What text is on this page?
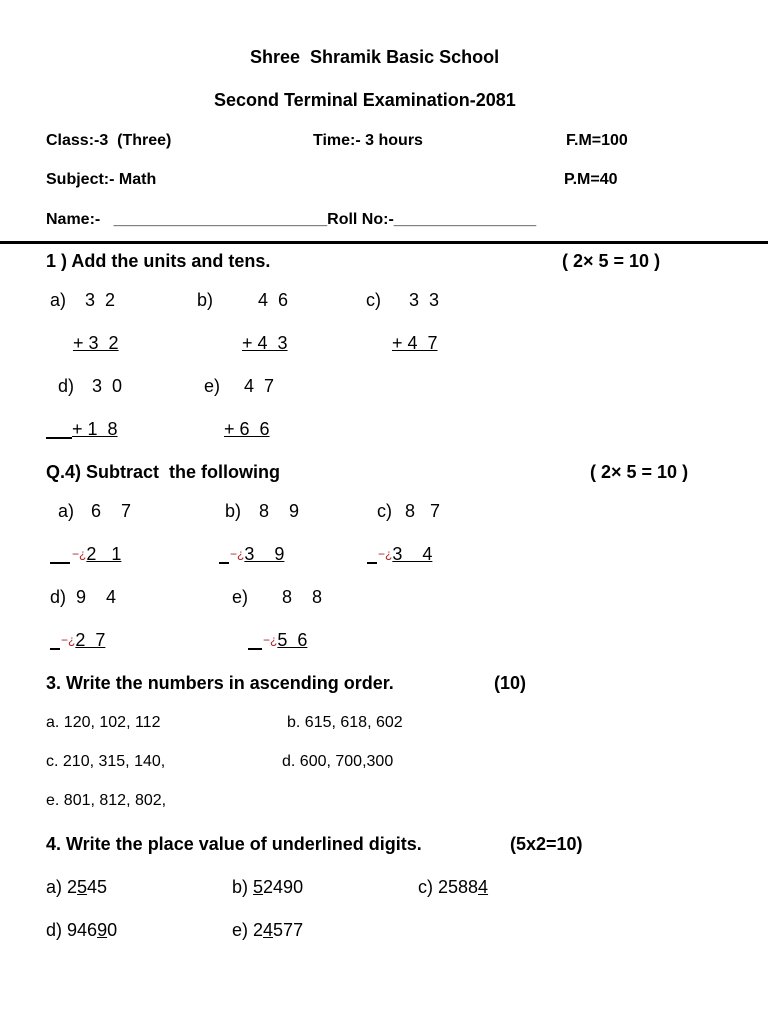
Shree  Shramik Basic School
Second Terminal Examination-2081
Class:-3  (Three)	Time:- 3 hours	F.M=100
Subject:- Math	P.M=40
Name:-   ________________________Roll No:-________________
1 ) Add the units and tens.	( 2× 5 = 10 )
a) 3  2
+ 3  2
b) 4  6
+ 4  3
c) 3  3
+ 4  7
d) 3  0
+ 1  8
e) 4  7
+ 6  6
Q.4) Subtract  the following	( 2× 5 = 10 )
a) 6    7
−¿2   1
b) 8    9
−¿3    9
c) 8   7
−¿3    4
d) 9    4
−¿2  7
e) 8    8
−¿5  6
3. Write the numbers in ascending order.	(10)
a. 120, 102, 112	b. 615, 618, 602
c. 210, 315, 140,	d. 600, 700,300
e. 801, 812, 802,
4. Write the place value of underlined digits.	(5x2=10)
a) 2545	b) 52490	c) 25884
d) 94690	e) 24577
